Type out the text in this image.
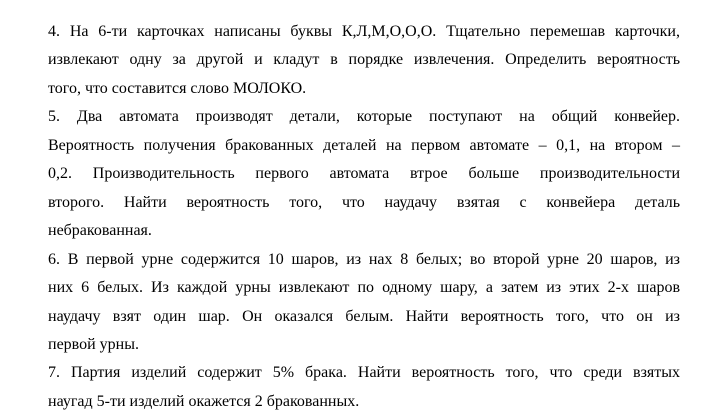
4. На 6-ти карточках написаны буквы К,Л,М,О,О,О. Тщательно перемешав карточки,
извлекают одну за другой и кладут в порядке извлечения. Определить вероятность
того, что составится слово МОЛОКО.
5. Два автомата производят детали, которые поступают на общий конвейер.
Вероятность получения бракованных деталей на первом автомате – 0,1, на втором –
0,2. Производительность первого автомата втрое больше производительности
второго. Найти вероятность того, что наудачу взятая с конвейера деталь
небракованная.
6. В первой урне содержится 10 шаров, из нах 8 белых; во второй урне 20 шаров, из
них 6 белых. Из каждой урны извлекают по одному шару, а затем из этих 2-х шаров
наудачу взят один шар. Он оказался белым. Найти вероятность того, что он из
первой урны.
7. Партия изделий содержит 5% брака. Найти вероятность того, что среди взятых
наугад 5-ти изделий окажется 2 бракованных.
